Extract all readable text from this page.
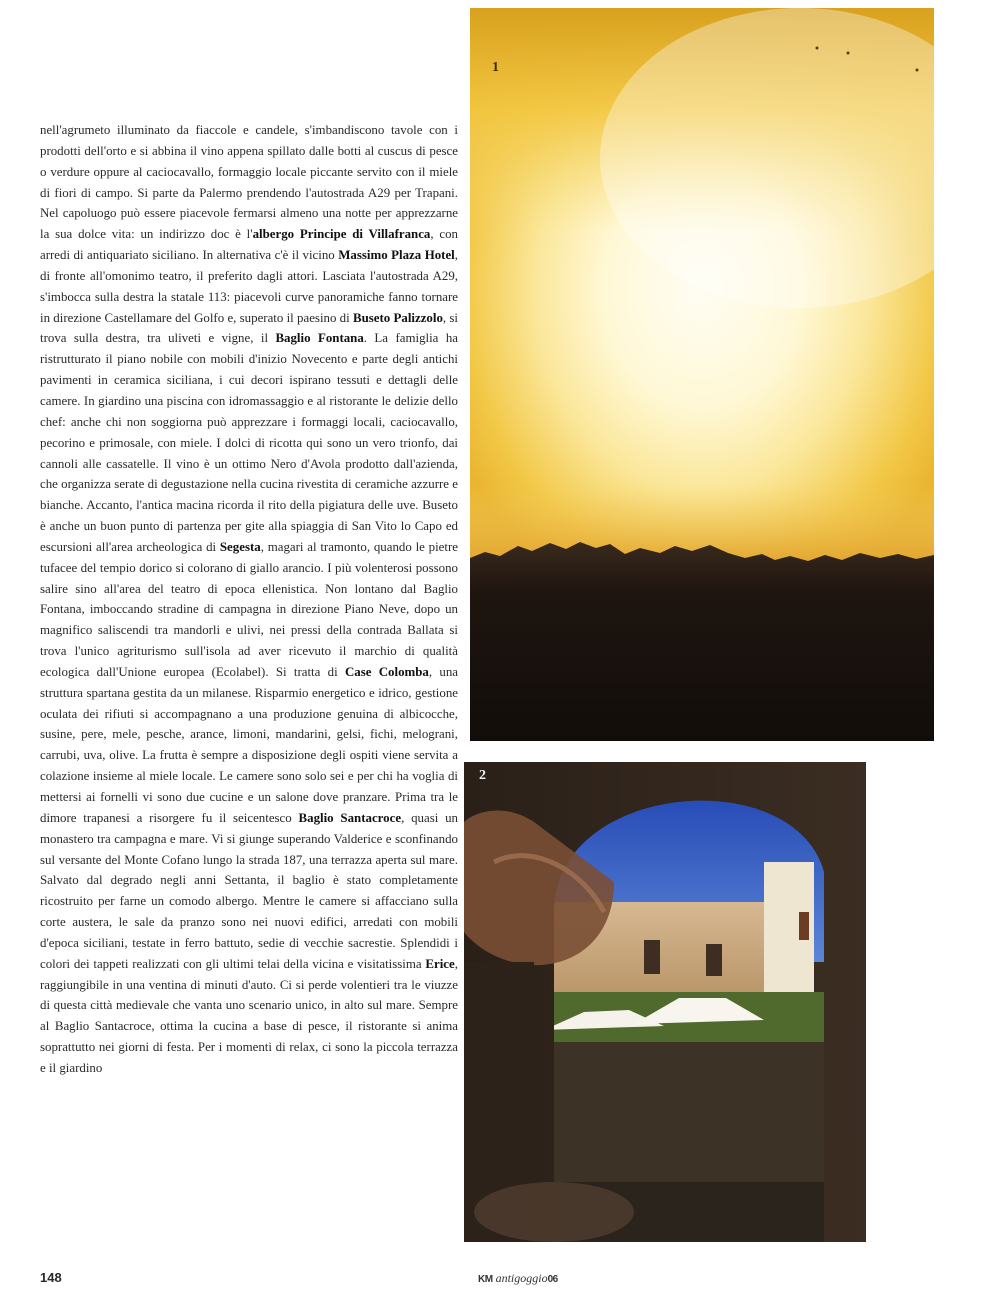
nell'agrumeto illuminato da fiaccole e candele, s'imbandiscono tavole con i prodotti dell'orto e si abbina il vino appena spillato dalle botti al cuscus di pesce o verdure oppure al caciocavallo, formaggio locale piccante servito con il miele di fiori di campo. Si parte da Palermo prendendo l'autostrada A29 per Trapani. Nel capoluogo può essere piacevole fermarsi almeno una notte per apprezzarne la sua dolce vita: un indirizzo doc è l'albergo Principe di Villafranca, con arredi di antiquariato siciliano. In alternativa c'è il vicino Massimo Plaza Hotel, di fronte all'omonimo teatro, il preferito dagli attori. Lasciata l'autostrada A29, s'imbocca sulla destra la statale 113: piacevoli curve panoramiche fanno tornare in direzione Castellamare del Golfo e, superato il paesino di Buseto Palizzolo, si trova sulla destra, tra uliveti e vigne, il Baglio Fontana. La famiglia ha ristrutturato il piano nobile con mobili d'inizio Novecento e parte degli antichi pavimenti in ceramica siciliana, i cui decori ispirano tessuti e dettagli delle camere. In giardino una piscina con idromassaggio e al ristorante le delizie dello chef: anche chi non soggiorna può apprezzare i formaggi locali, caciocavallo, pecorino e primosale, con miele. I dolci di ricotta qui sono un vero trionfo, dai cannoli alle cassatelle. Il vino è un ottimo Nero d'Avola prodotto dall'azienda, che organizza serate di degustazione nella cucina rivestita di ceramiche azzurre e bianche. Accanto, l'antica macina ricorda il rito della pigiatura delle uve. Buseto è anche un buon punto di partenza per gite alla spiaggia di San Vito lo Capo ed escursioni all'area archeologica di Segesta, magari al tramonto, quando le pietre tufacee del tempio dorico si colorano di giallo arancio. I più volenterosi possono salire sino all'area del teatro di epoca ellenistica. Non lontano dal Baglio Fontana, imboccando stradine di campagna in direzione Piano Neve, dopo un magnifico saliscendi tra mandorli e ulivi, nei pressi della contrada Ballata si trova l'unico agriturismo sull'isola ad aver ricevuto il marchio di qualità ecologica dall'Unione europea (Ecolabel). Si tratta di Case Colomba, una struttura spartana gestita da un milanese. Risparmio energetico e idrico, gestione oculata dei rifiuti si accompagnano a una produzione genuina di albicocche, susine, pere, mele, pesche, arance, limoni, mandarini, gelsi, fichi, melograni, carrubi, uva, olive. La frutta è sempre a disposizione degli ospiti viene servita a colazione insieme al miele locale. Le camere sono solo sei e per chi ha voglia di mettersi ai fornelli vi sono due cucine e un salone dove pranzare. Prima tra le dimore trapanesi a risorgere fu il seicentesco Baglio Santacroce, quasi un monastero tra campagna e mare. Vi si giunge superando Valderice e sconfinando sul versante del Monte Cofano lungo la strada 187, una terrazza aperta sul mare. Salvato dal degrado negli anni Settanta, il baglio è stato completamente ricostruito per farne un comodo albergo. Mentre le camere si affacciano sulla corte austera, le sale da pranzo sono nei nuovi edifici, arredati con mobili d'epoca siciliani, testate in ferro battuto, sedie di vecchie sacrestie. Splendidi i colori dei tappeti realizzati con gli ultimi telai della vicina e visitatissima Erice, raggiungibile in una ventina di minuti d'auto. Ci si perde volentieri tra le viuzze di questa città medievale che vanta uno scenario unico, in alto sul mare. Sempre al Baglio Santacroce, ottima la cucina a base di pesce, il ristorante si anima soprattutto nei giorni di festa. Per i momenti di relax, ci sono la piccola terrazza e il giardino

1
2
148	KM antigoggio06
